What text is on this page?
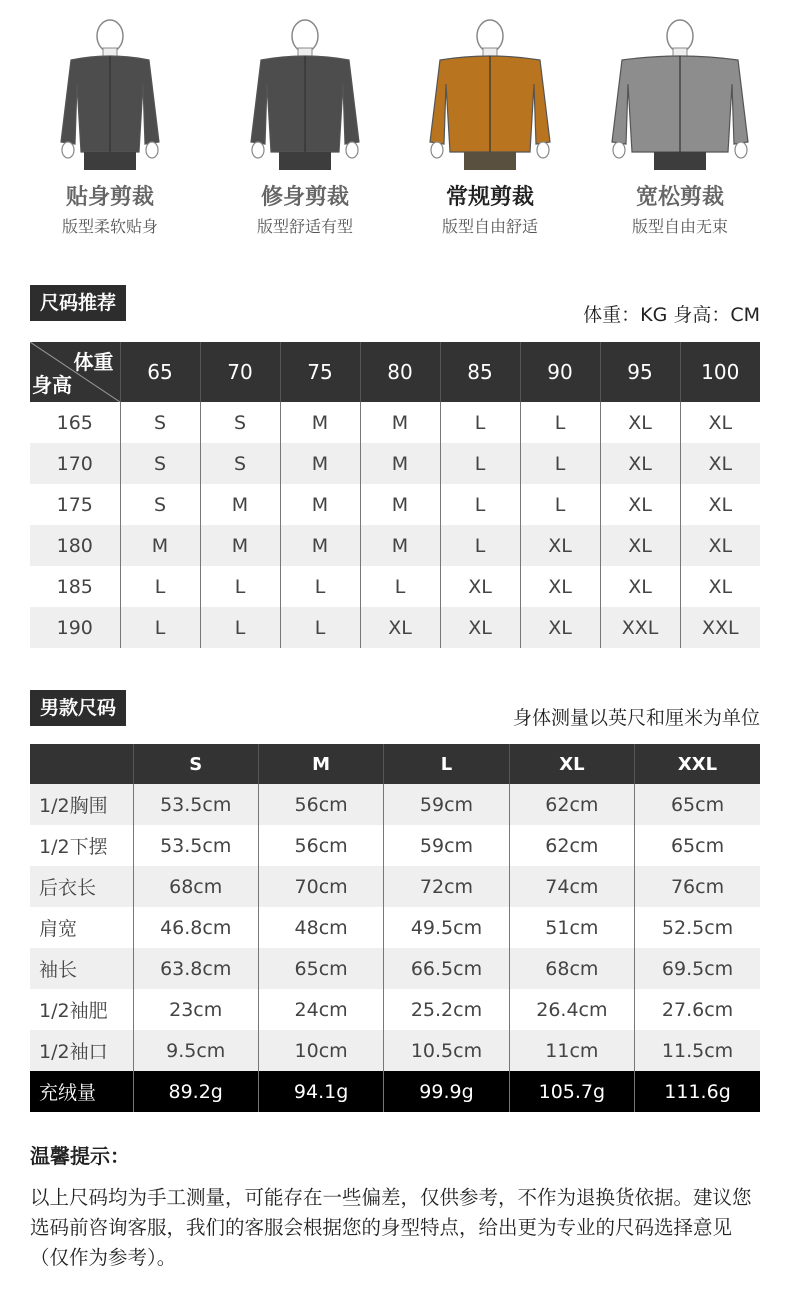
贴身剪裁
版型柔软贴身
修身剪裁
版型舒适有型
常规剪裁
版型自由舒适
宽松剪裁
版型自由无束
尺码推荐
体重：KG 身高：CM
体重
身高	65	70	75	80	85	90	95	100
165	S	S	M	M	L	L	XL	XL
170	S	S	M	M	L	L	XL	XL
175	S	M	M	M	L	L	XL	XL
180	M	M	M	M	L	XL	XL	XL
185	L	L	L	L	XL	XL	XL	XL
190	L	L	L	XL	XL	XL	XXL	XXL
男款尺码	身体测量以英尺和厘米为单位
	S	M	L	XL	XXL
1/2胸围	53.5cm	56cm	59cm	62cm	65cm
1/2下摆	53.5cm	56cm	59cm	62cm	65cm
后衣长	68cm	70cm	72cm	74cm	76cm
肩宽	46.8cm	48cm	49.5cm	51cm	52.5cm
袖长	63.8cm	65cm	66.5cm	68cm	69.5cm
1/2袖肥	23cm	24cm	25.2cm	26.4cm	27.6cm
1/2袖口	9.5cm	10cm	10.5cm	11cm	11.5cm
充绒量	89.2g	94.1g	99.9g	105.7g	111.6g
温馨提示：
以上尺码均为手工测量，可能存在一些偏差，仅供参考，不作为退换货依据。建议您选码前咨询客服，我们的客服会根据您的身型特点，给出更为专业的尺码选择意见（仅作为参考）。
